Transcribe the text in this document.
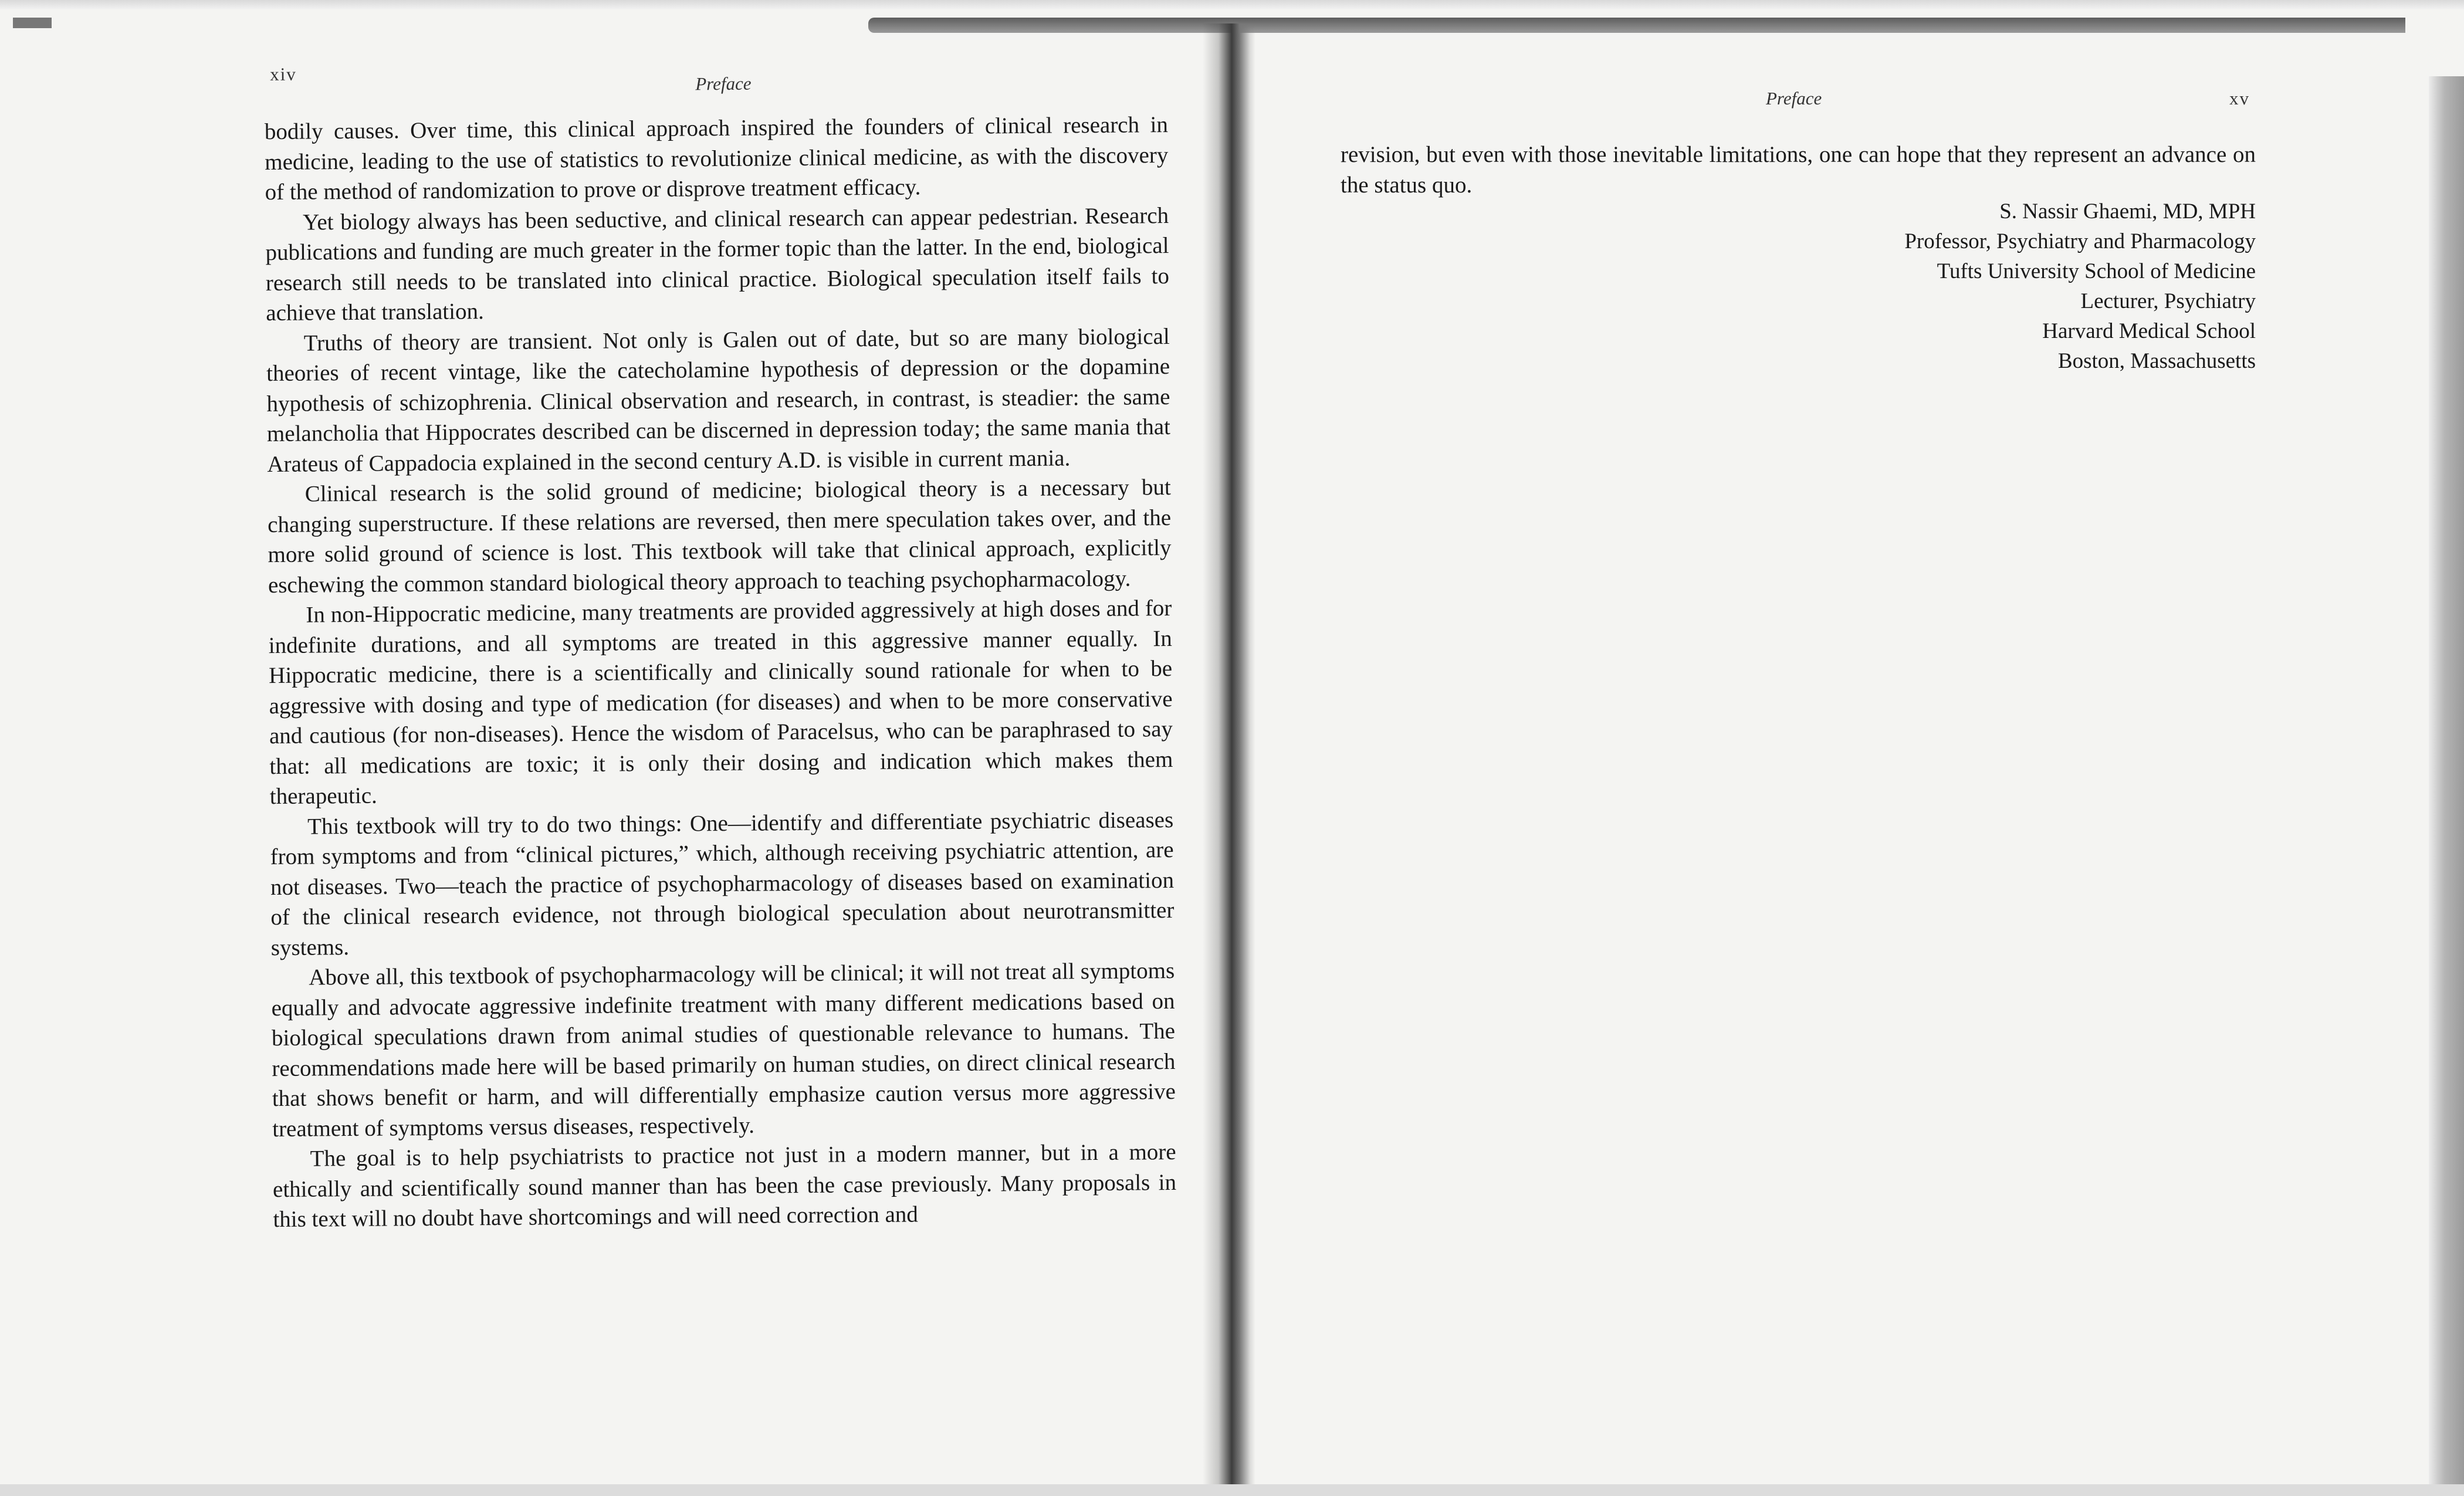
xiv	Preface

bodily causes. Over time, this clinical approach inspired the founders of clinical research in medicine, leading to the use of statistics to revolutionize clinical medicine, as with the discovery of the method of randomization to prove or disprove treatment efficacy.

Yet biology always has been seductive, and clinical research can appear pedestrian. Research publications and funding are much greater in the former topic than the latter. In the end, biological research still needs to be translated into clinical practice. Biological speculation itself fails to achieve that translation.

Truths of theory are transient. Not only is Galen out of date, but so are many biological theories of recent vintage, like the catecholamine hypothesis of depression or the dopamine hypothesis of schizophrenia. Clinical observation and research, in contrast, is steadier: the same melancholia that Hippocrates described can be discerned in depression today; the same mania that Arateus of Cappadocia explained in the second century A.D. is visible in current mania.

Clinical research is the solid ground of medicine; biological theory is a necessary but changing superstructure. If these relations are reversed, then mere speculation takes over, and the more solid ground of science is lost. This textbook will take that clinical approach, explicitly eschewing the common standard biological theory approach to teaching psychopharmacology.

In non-Hippocratic medicine, many treatments are provided aggressively at high doses and for indefinite durations, and all symptoms are treated in this aggressive manner equally. In Hippocratic medicine, there is a scientifically and clinically sound rationale for when to be aggressive with dosing and type of medication (for diseases) and when to be more conservative and cautious (for non-diseases). Hence the wisdom of Paracelsus, who can be paraphrased to say that: all medications are toxic; it is only their dosing and indication which makes them therapeutic.

This textbook will try to do two things: One—identify and differentiate psychiatric diseases from symptoms and from “clinical pictures,” which, although receiving psychiatric attention, are not diseases. Two—teach the practice of psychopharmacology of diseases based on examination of the clinical research evidence, not through biological speculation about neurotransmitter systems.

Above all, this textbook of psychopharmacology will be clinical; it will not treat all symptoms equally and advocate aggressive indefinite treatment with many different medications based on biological speculations drawn from animal studies of questionable relevance to humans. The recommendations made here will be based primarily on human studies, on direct clinical research that shows benefit or harm, and will differentially emphasize caution versus more aggressive treatment of symptoms versus diseases, respectively.

The goal is to help psychiatrists to practice not just in a modern manner, but in a more ethically and scientifically sound manner than has been the case previously. Many proposals in this text will no doubt have shortcomings and will need correction and

Preface	xv

revision, but even with those inevitable limitations, one can hope that they represent an advance on the status quo.

S. Nassir Ghaemi, MD, MPH
Professor, Psychiatry and Pharmacology
Tufts University School of Medicine
Lecturer, Psychiatry
Harvard Medical School
Boston, Massachusetts
